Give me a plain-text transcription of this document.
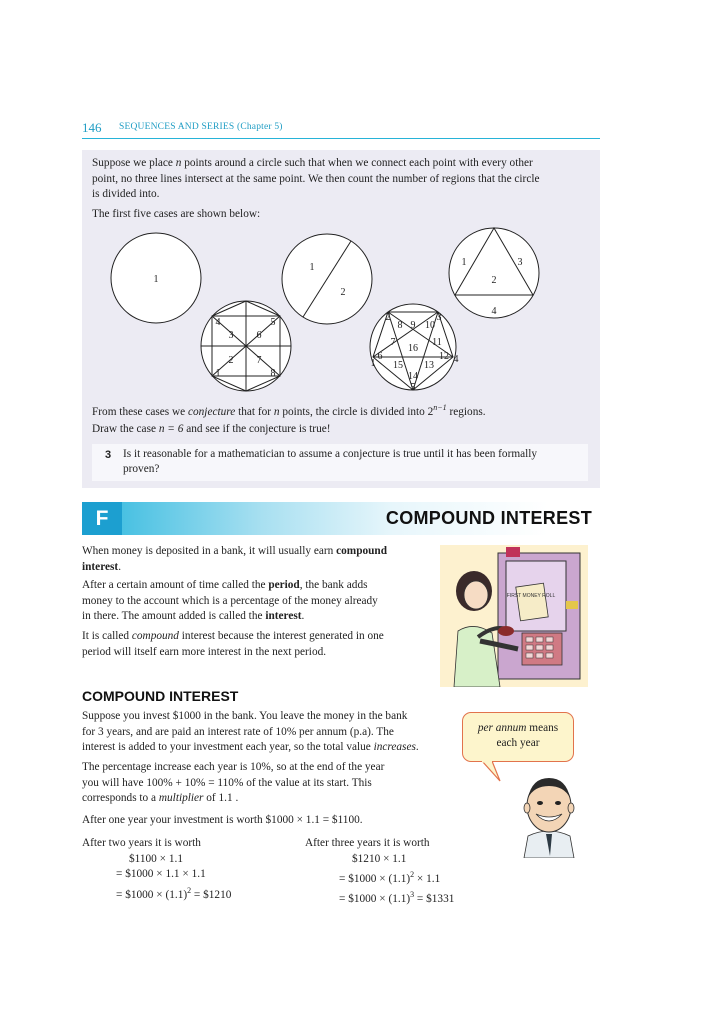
146 SEQUENCES AND SERIES (Chapter 5)
Suppose we place n points around a circle such that when we connect each point with every other
point, no three lines intersect at the same point. We then count the number of regions that the circle
is divided into.
The first five cases are shown below:
1
1
2
1
2
3
4
1
2
3
4	5
6
7
8
1
2	3
4
5
6
7
8 9 10
11
12
13
14
15
16
From these cases we conjecture that for n points, the circle is divided into $2^{n-1}$ regions.
Draw the case n = 6 and see if the conjecture is true!
3 Is it reasonable for a mathematician to assume a conjecture is true until it has been formally
proven?
F	COMPOUND INTEREST
When money is deposited in a bank, it will usually earn compound
interest.
After a certain amount of time called the period, the bank adds
money to the account which is a percentage of the money already
in there. The amount added is called the interest.
It is called compound interest because the interest generated in one
period will itself earn more interest in the next period.
FIRST MONEY ROLL
COMPOUND INTEREST
Suppose you invest $1000 in the bank. You leave the money in the bank
for 3 years, and are paid an interest rate of 10% per annum (p.a). The
interest is added to your investment each year, so the total value increases.
The percentage increase each year is 10%, so at the end of the year
you will have 100% + 10% = 110% of the value at its start. This
corresponds to a multiplier of 1.1 .
After one year your investment is worth $1000 × 1.1 = $1100.
per annum means
each year
After two years it is worth
$1100 × 1.1
= $1000 × 1.1 × 1.1
= $1000 × $(1.1)^2$ = $1210
After three years it is worth
$1210 × 1.1
= $1000 × $(1.1)^2 \times 1.1$
= $1000 × $(1.1)^3$ = $1331
